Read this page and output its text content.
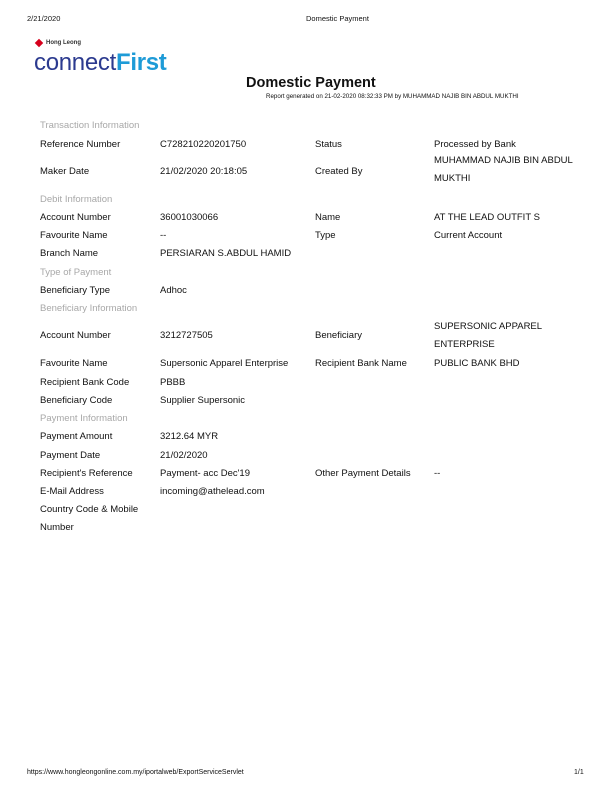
2/21/2020	Domestic Payment
Hong Leong
connectFirst
Domestic Payment
Report generated on 21-02-2020 08:32:33 PM by MUHAMMAD NAJIB BIN ABDUL MUKTHI
Transaction Information
Reference Number	C728210220201750	Status	Processed by Bank
Maker Date	21/02/2020 20:18:05	Created By
MUHAMMAD NAJIB BIN ABDUL MUKTHI
Debit Information
Account Number	36001030066	Name	AT THE LEAD OUTFIT S
Favourite Name	--	Type	Current Account
Branch Name	PERSIARAN S.ABDUL HAMID
Type of Payment
Beneficiary Type	Adhoc
Beneficiary Information
Account Number	3212727505	Beneficiary
SUPERSONIC APPAREL ENTERPRISE
Favourite Name	Supersonic Apparel Enterprise	Recipient Bank Name	PUBLIC BANK BHD
Recipient Bank Code	PBBB
Beneficiary Code	Supplier Supersonic
Payment Information
Payment Amount	3212.64 MYR
Payment Date	21/02/2020
Recipient's Reference	Payment- acc Dec'19	Other Payment Details --
E-Mail Address	incoming@athelead.com
Country Code & Mobile Number
https://www.hongleongonline.com.my/iportalweb/ExportServiceServlet	1/1
